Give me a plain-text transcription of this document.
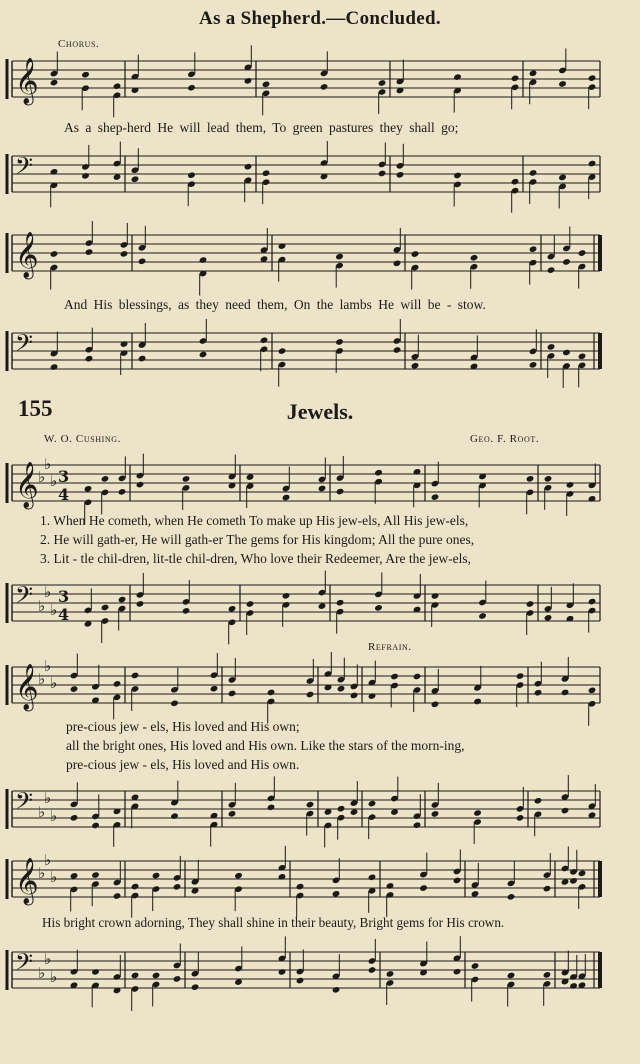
As a Shepherd.—Concluded.
Chorus.
𝄞
As a shep-herd He will lead them, To green pastures they shall go;
𝄢
𝄞
And His blessings, as they need them, On the lambs He will be - stow.
𝄢
155	Jewels.
W. O. Cushing.	Geo. F. Root.
𝄞 ♭
♭
♭ 3
4
1. When He cometh, when He cometh To make up His jew-els, All His jew-els,
2. He will gath-er, He will gath-er The gems for His kingdom; All the pure ones,
3. Lit - tle chil-dren, lit-tle chil-dren, Who love their Redeemer, Are the jew-els,
𝄢 ♭
♭
♭
3
4
Refrain.
𝄞 ♭
♭
♭
pre-cious jew - els, His loved and His own;
all the bright ones, His loved and His own. Like the stars of the morn-ing,
pre-cious jew - els, His loved and His own.
𝄢 ♭
♭
♭
𝄞 ♭
♭
♭
His bright crown adorning, They shall shine in their beauty, Bright gems for His crown.
𝄢 ♭
♭
♭
